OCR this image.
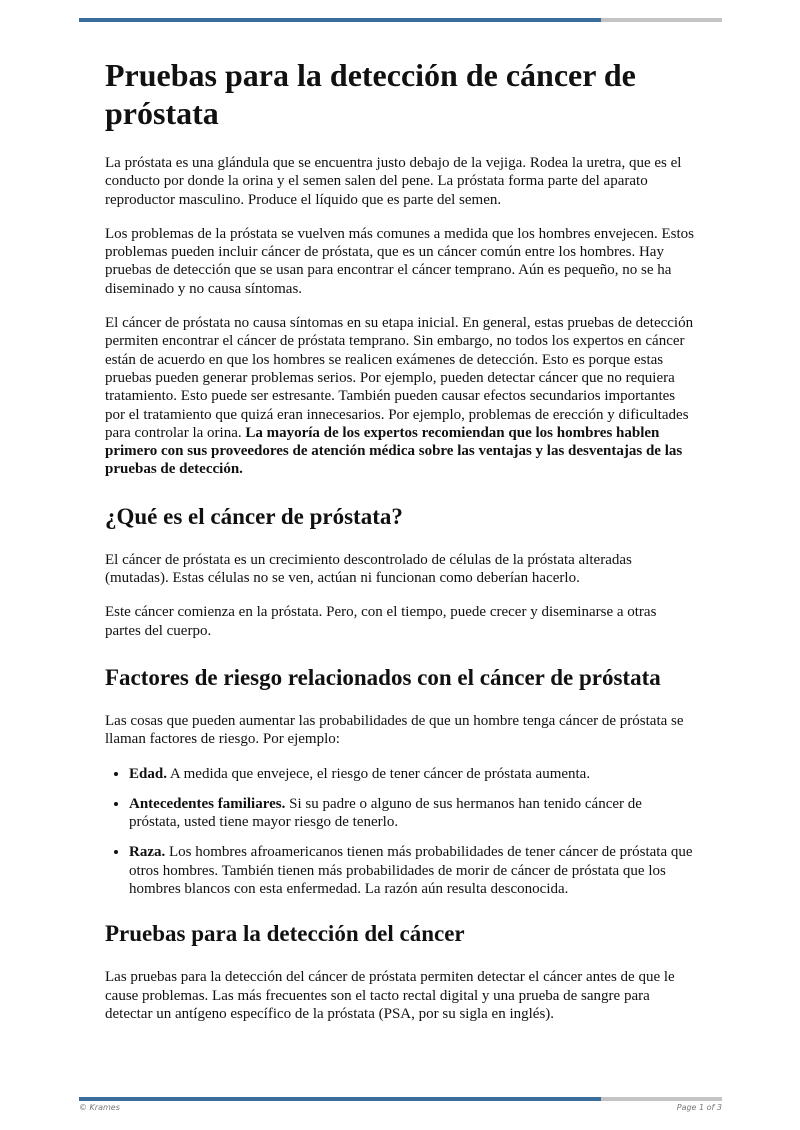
Pruebas para la detección de cáncer de próstata

La próstata es una glándula que se encuentra justo debajo de la vejiga. Rodea la uretra, que es el conducto por donde la orina y el semen salen del pene. La próstata forma parte del aparato reproductor masculino. Produce el líquido que es parte del semen.

Los problemas de la próstata se vuelven más comunes a medida que los hombres envejecen. Estos problemas pueden incluir cáncer de próstata, que es un cáncer común entre los hombres. Hay pruebas de detección que se usan para encontrar el cáncer temprano. Aún es pequeño, no se ha diseminado y no causa síntomas.

El cáncer de próstata no causa síntomas en su etapa inicial. En general, estas pruebas de detección permiten encontrar el cáncer de próstata temprano. Sin embargo, no todos los expertos en cáncer están de acuerdo en que los hombres se realicen exámenes de detección. Esto es porque estas pruebas pueden generar problemas serios. Por ejemplo, pueden detectar cáncer que no requiera tratamiento. Esto puede ser estresante. También pueden causar efectos secundarios importantes por el tratamiento que quizá eran innecesarios. Por ejemplo, problemas de erección y dificultades para controlar la orina. La mayoría de los expertos recomiendan que los hombres hablen primero con sus proveedores de atención médica sobre las ventajas y las desventajas de las pruebas de detección.

¿Qué es el cáncer de próstata?

El cáncer de próstata es un crecimiento descontrolado de células de la próstata alteradas (mutadas). Estas células no se ven, actúan ni funcionan como deberían hacerlo.

Este cáncer comienza en la próstata. Pero, con el tiempo, puede crecer y diseminarse a otras partes del cuerpo.

Factores de riesgo relacionados con el cáncer de próstata

Las cosas que pueden aumentar las probabilidades de que un hombre tenga cáncer de próstata se llaman factores de riesgo. Por ejemplo:

• Edad. A medida que envejece, el riesgo de tener cáncer de próstata aumenta.
• Antecedentes familiares. Si su padre o alguno de sus hermanos han tenido cáncer de próstata, usted tiene mayor riesgo de tenerlo.
• Raza. Los hombres afroamericanos tienen más probabilidades de tener cáncer de próstata que otros hombres. También tienen más probabilidades de morir de cáncer de próstata que los hombres blancos con esta enfermedad. La razón aún resulta desconocida.
Pruebas para la detección del cáncer

Las pruebas para la detección del cáncer de próstata permiten detectar el cáncer antes de que le cause problemas. Las más frecuentes son el tacto rectal digital y una prueba de sangre para detectar un antígeno específico de la próstata (PSA, por su sigla en inglés).

© Krames	Page 1 of 3
